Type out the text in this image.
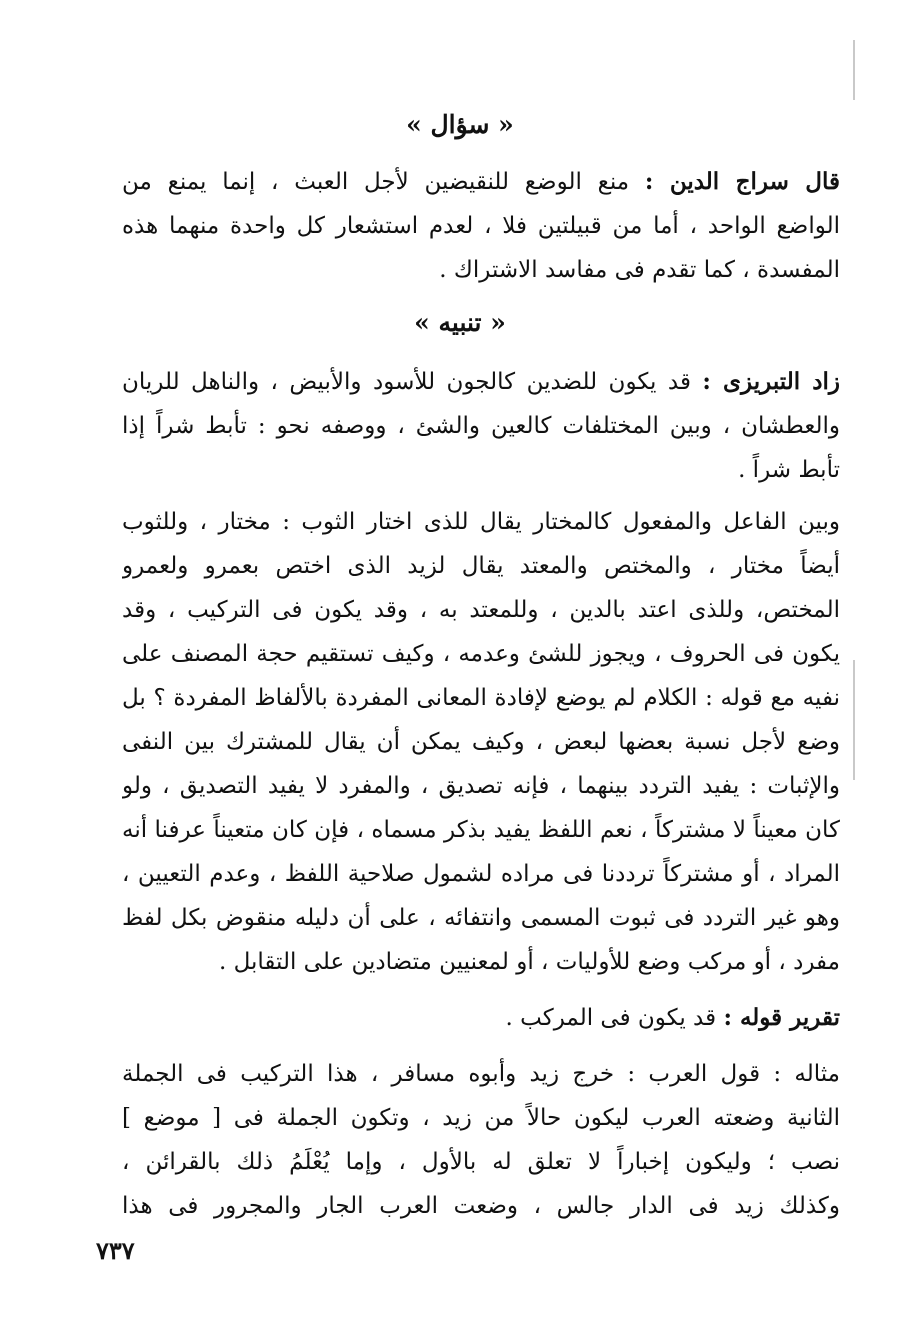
« سؤال »
قال سراج الدين : منع الوضع للنقيضين لأجل العبث ، إنما يمنع من
الواضع الواحد ، أما من قبيلتين فلا ، لعدم استشعار كل واحدة منهما هذه
المفسدة ، كما تقدم فى مفاسد الاشتراك .
« تنبيه »
زاد التبريزى : قد يكون للضدين كالجون للأسود والأبيض ، والناهل للريان
والعطشان ، وبين المختلفات كالعين والشئ ، ووصفه نحو : تأبط شراً إذا
تأبط شراً .
وبين الفاعل والمفعول كالمختار يقال للذى اختار الثوب : مختار ، وللثوب
أيضاً مختار ، والمختص والمعتد يقال لزيد الذى اختص بعمرو ولعمرو
المختص، وللذى اعتد بالدين ، وللمعتد به ، وقد يكون فى التركيب ، وقد
يكون فى الحروف ، ويجوز للشئ وعدمه ، وكيف تستقيم حجة المصنف على
نفيه مع قوله : الكلام لم يوضع لإفادة المعانى المفردة بالألفاظ المفردة ؟ بل
وضع لأجل نسبة بعضها لبعض ، وكيف يمكن أن يقال للمشترك بين النفى
والإثبات : يفيد التردد بينهما ، فإنه تصديق ، والمفرد لا يفيد التصديق ، ولو
كان معيناً لا مشتركاً ، نعم اللفظ يفيد بذكر مسماه ، فإن كان متعيناً عرفنا أنه
المراد ، أو مشتركاً ترددنا فى مراده لشمول صلاحية اللفظ ، وعدم التعيين ،
وهو غير التردد فى ثبوت المسمى وانتفائه ، على أن دليله منقوض بكل لفظ
مفرد ، أو مركب وضع للأوليات ، أو لمعنيين متضادين على التقابل .
تقرير قوله : قد يكون فى المركب .
مثاله : قول العرب : خرج زيد وأبوه مسافر ، هذا التركيب فى الجملة
الثانية وضعته العرب ليكون حالاً من زيد ، وتكون الجملة فى [ موضع ]
نصب ؛ وليكون إخباراً لا تعلق له بالأول ، وإما يُعْلَمُ ذلك بالقرائن ،
وكذلك زيد فى الدار جالس ، وضعت العرب الجار والمجرور فى هذا
٧٣٧
